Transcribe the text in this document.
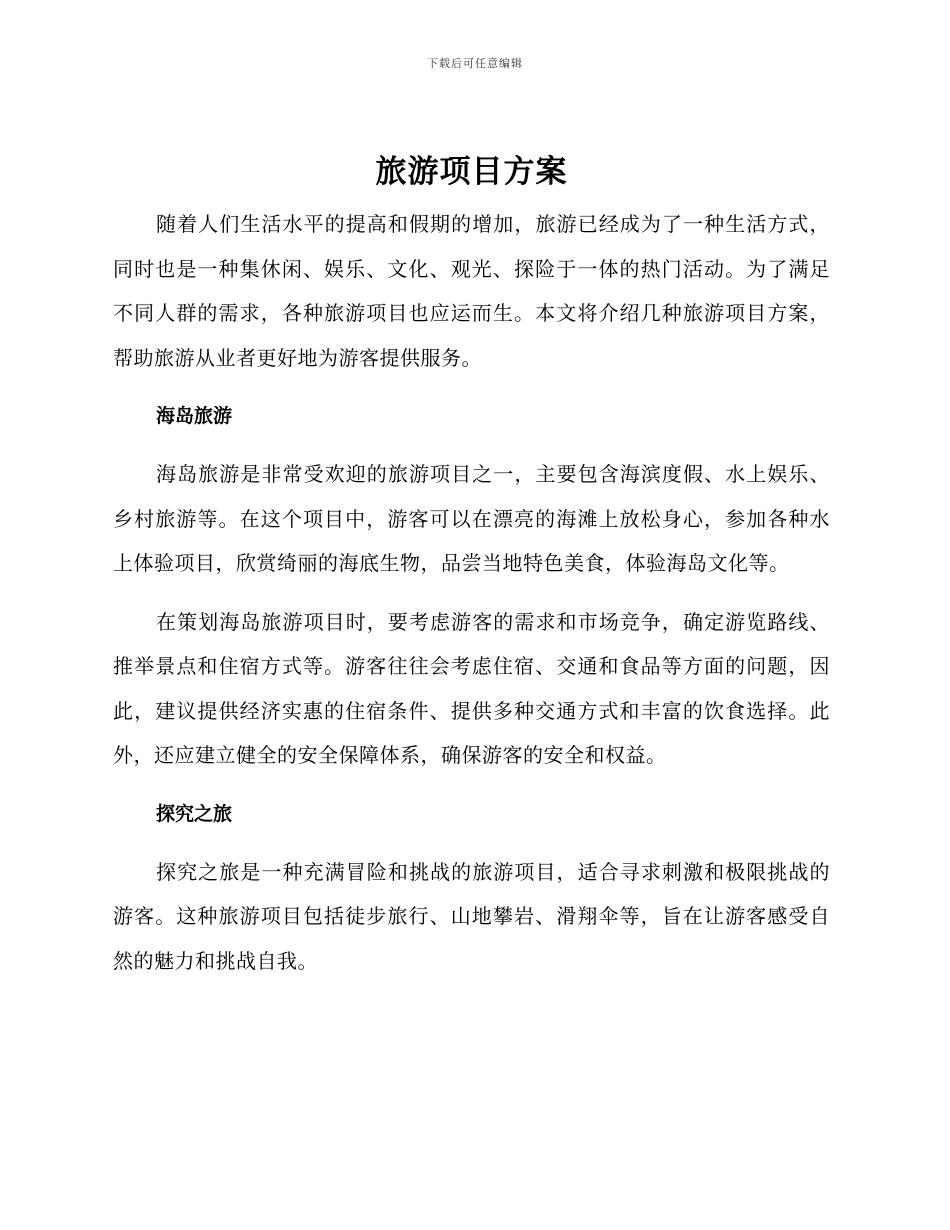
下载后可任意编辑
旅游项目方案

随着人们生活水平的提高和假期的增加，旅游已经成为了一种生活方式，同时也是一种集休闲、娱乐、文化、观光、探险于一体的热门活动。为了满足不同人群的需求，各种旅游项目也应运而生。本文将介绍几种旅游项目方案，帮助旅游从业者更好地为游客提供服务。

海岛旅游

海岛旅游是非常受欢迎的旅游项目之一，主要包含海滨度假、水上娱乐、乡村旅游等。在这个项目中，游客可以在漂亮的海滩上放松身心，参加各种水上体验项目，欣赏绮丽的海底生物，品尝当地特色美食，体验海岛文化等。

在策划海岛旅游项目时，要考虑游客的需求和市场竞争，确定游览路线、推举景点和住宿方式等。游客往往会考虑住宿、交通和食品等方面的问题，因此，建议提供经济实惠的住宿条件、提供多种交通方式和丰富的饮食选择。此外，还应建立健全的安全保障体系，确保游客的安全和权益。

探究之旅

探究之旅是一种充满冒险和挑战的旅游项目，适合寻求刺激和极限挑战的游客。这种旅游项目包括徒步旅行、山地攀岩、滑翔伞等，旨在让游客感受自然的魅力和挑战自我。
